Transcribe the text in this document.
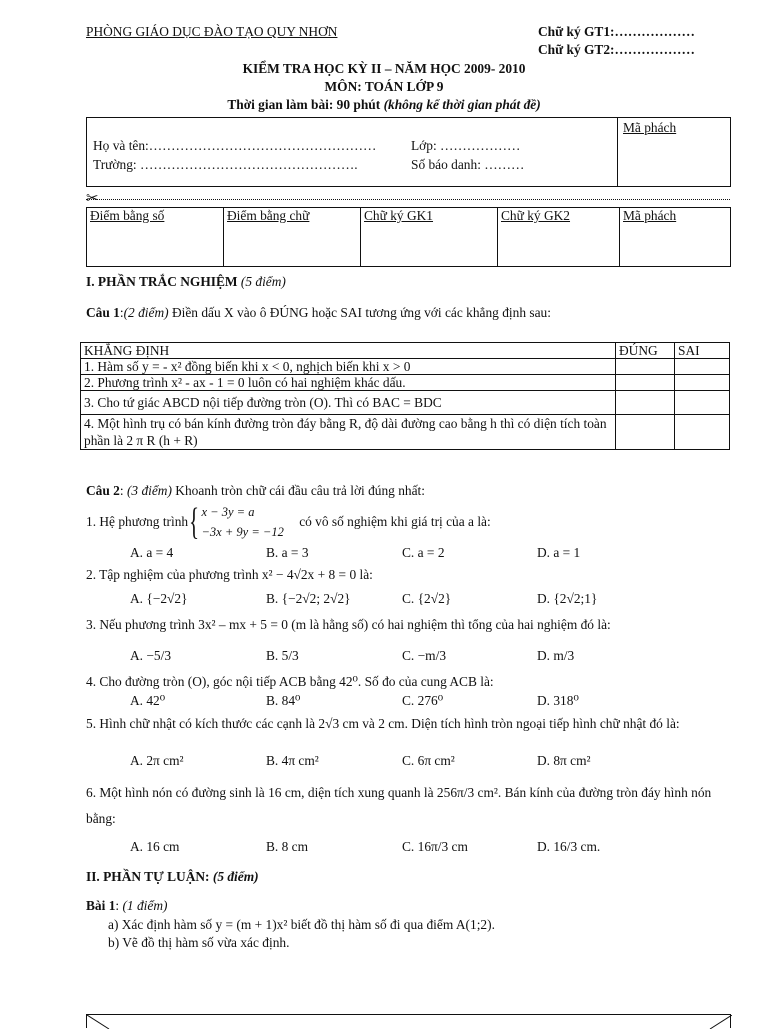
PHÒNG GIÁO DỤC ĐÀO TẠO QUY NHƠN	Chữ ký GT1:………………
Chữ ký GT2:………………
KIỂM TRA HỌC KỲ II – NĂM HỌC 2009- 2010
MÔN: TOÁN LỚP 9
Thời gian làm bài: 90 phút (không kể thời gian phát đề)
Họ và tên:……………………………………………	Lớp: ………………
Trường: ………………………………………….	Số báo danh: ………
Mã phách
✂
Điểm bằng số	Điểm bằng chữ	Chữ ký GK1	Chữ ký GK2	Mã phách
I. PHẦN TRẮC NGHIỆM (5 điểm)
Câu 1:(2 điểm) Điền dấu X vào ô ĐÚNG hoặc SAI tương ứng với các khẳng định sau:
KHẲNG ĐỊNH	ĐÚNG	SAI
1. Hàm số y = - x² đồng biến khi x < 0, nghịch biến khi x > 0		
2. Phương trình x² - ax - 1 = 0 luôn có hai nghiệm khác dấu.		
3. Cho tứ giác ABCD nội tiếp đường tròn (O). Thì có BAC = BDC		
4. Một hình trụ có bán kính đường tròn đáy bằng R, độ dài đường cao bằng h thì có diện tích toàn phần là 2 π R (h + R)		
Câu 2: (3 điểm) Khoanh tròn chữ cái đầu câu trả lời đúng nhất:
1. Hệ phương trình
{ x − 3y = a
−3x + 9y = −12
có vô số nghiệm khi giá trị của a là:
A. a = 4	B. a = 3	C. a = 2	D. a = 1
2. Tập nghiệm của phương trình x² − 4√2x + 8 = 0 là:
A. {−2√2}	B. {−2√2; 2√2}	C. {2√2}	D. {2√2;1}
3. Nếu phương trình 3x² – mx + 5 = 0 (m là hằng số) có hai nghiệm thì tổng của hai nghiệm đó là:
A. −5/3	B. 5/3	C. −m/3	D. m/3
4. Cho đường tròn (O), góc nội tiếp ACB bằng 42⁰. Số đo của cung ACB là:
A. 42⁰	B. 84⁰	C. 276⁰	D. 318⁰
5. Hình chữ nhật có kích thước các cạnh là 2√3 cm và 2 cm. Diện tích hình tròn ngoại tiếp hình chữ nhật đó là:
A. 2π cm²	B. 4π cm²	C. 6π cm²	D. 8π cm²
6. Một hình nón có đường sinh là 16 cm, diện tích xung quanh là 256π/3 cm². Bán kính của đường tròn đáy hình nón bằng:
A. 16 cm	B. 8 cm	C. 16π/3 cm	D. 16/3 cm.
II. PHẦN TỰ LUẬN: (5 điểm)
Bài 1: (1 điểm)
a) Xác định hàm số y = (m + 1)x² biết đồ thị hàm số đi qua điểm A(1;2).
b) Vẽ đồ thị hàm số vừa xác định.
